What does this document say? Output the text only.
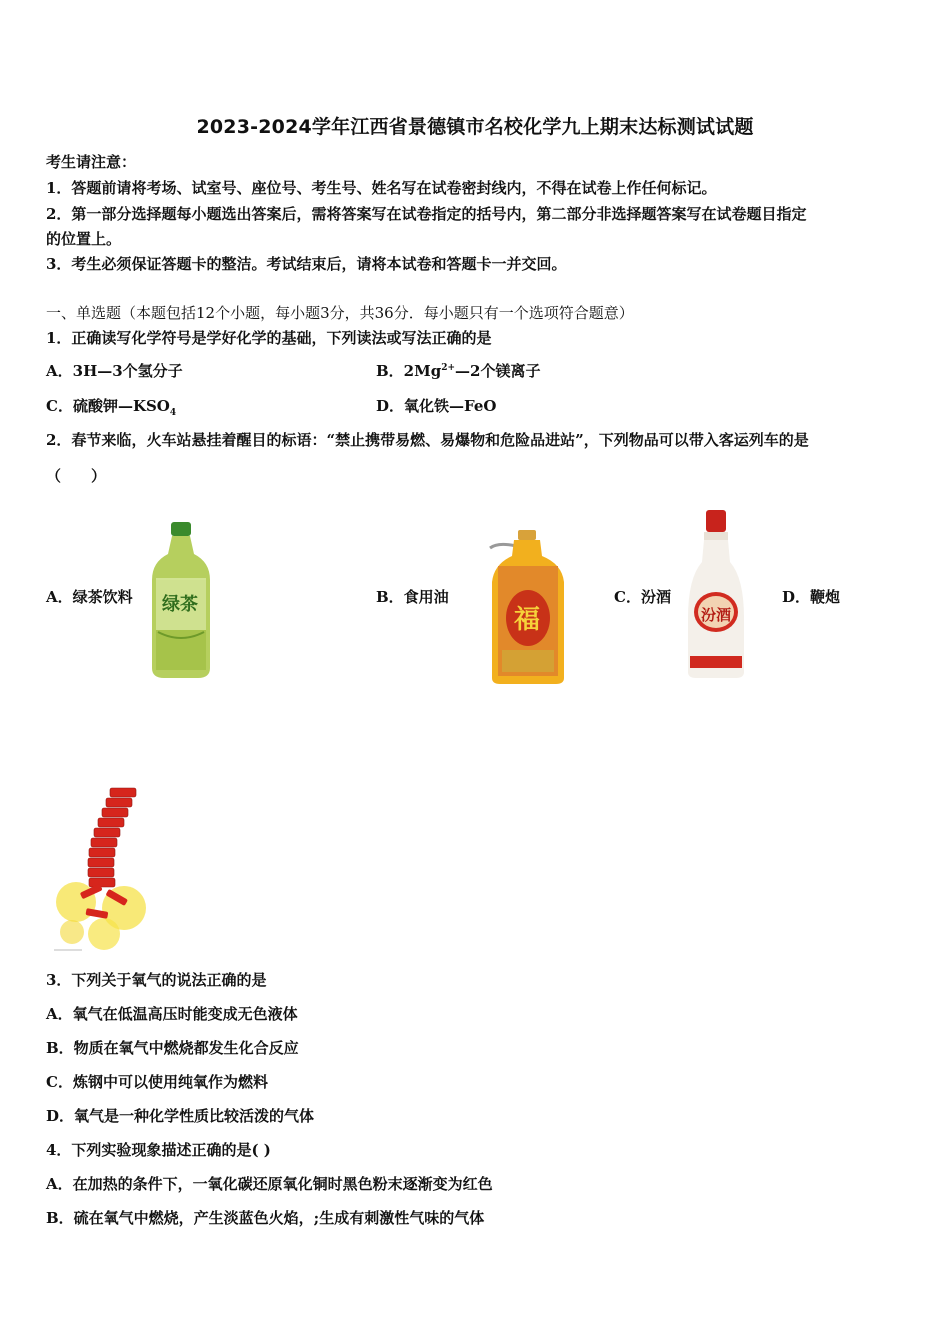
2023-2024学年江西省景德镇市名校化学九上期末达标测试试题
考生请注意：
1．答题前请将考场、试室号、座位号、考生号、姓名写在试卷密封线内，不得在试卷上作任何标记。
2．第一部分选择题每小题选出答案后，需将答案写在试卷指定的括号内，第二部分非选择题答案写在试卷题目指定
的位置上。
3．考生必须保证答题卡的整洁。考试结束后，请将本试卷和答题卡一并交回。
一、单选题（本题包括12个小题，每小题3分，共36分．每小题只有一个选项符合题意）
1．正确读写化学符号是学好化学的基础，下列读法或写法正确的是
A．3H—3个氢分子	B．$2Mg^{2+}—2$个镁离子
C．硫酸钾$—KSO_4$	D．氧化铁—FeO
2．春节来临，火车站悬挂着醒目的标语：“禁止携带易燃、易爆物和危险品进站”，下列物品可以带入客运列车的是
（　　）
A．绿茶饮料	B．食用油	C．汾酒	D．鞭炮
绿茶
福	汾酒
3．下列关于氧气的说法正确的是
A．氧气在低温高压时能变成无色液体
B．物质在氧气中燃烧都发生化合反应
C．炼钢中可以使用纯氧作为燃料
D．氧气是一种化学性质比较活泼的气体
4．下列实验现象描述正确的是( )
A．在加热的条件下，一氧化碳还原氧化铜时黑色粉末逐渐变为红色
B．硫在氧气中燃烧，产生淡蓝色火焰，;生成有刺激性气味的气体
